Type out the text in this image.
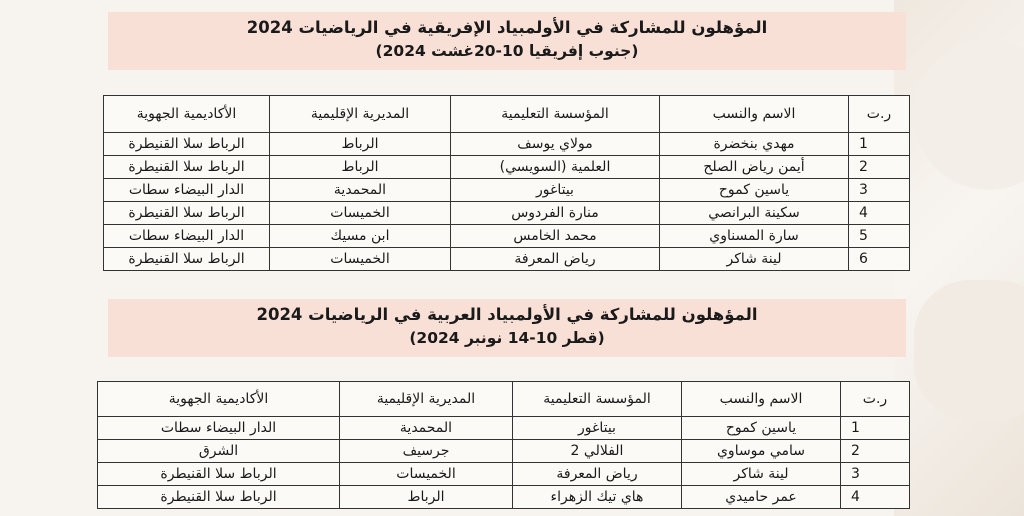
المؤهلون للمشاركة في الأولمبياد الإفريقية في الرياضيات 2024
(جنوب إفريقيا 10-20غشت 2024)
ر.ت	الاسم والنسب	المؤسسة التعليمية	المديرية الإقليمية	الأكاديمية الجهوية
1	مهدي بنخضرة	مولاي يوسف	الرباط	الرباط سلا القنيطرة
2	أيمن رياض الصلح	العلمية (السويسي)	الرباط	الرباط سلا القنيطرة
3	ياسين كموح	بيتاغور	المحمدية	الدار البيضاء سطات
4	سكينة البرانصي	منارة الفردوس	الخميسات	الرباط سلا القنيطرة
5	سارة المسناوي	محمد الخامس	ابن مسيك	الدار البيضاء سطات
6	لينة شاكر	رياض المعرفة	الخميسات	الرباط سلا القنيطرة
المؤهلون للمشاركة في الأولمبياد العربية في الرياضيات 2024
(قطر 10-14 نونبر 2024)
ر.ت	الاسم والنسب	المؤسسة التعليمية	المديرية الإقليمية	الأكاديمية الجهوية
1	ياسين كموح	بيتاغور	المحمدية	الدار البيضاء سطات
2	سامي موساوي	الفلالي 2	جرسيف	الشرق
3	لينة شاكر	رياض المعرفة	الخميسات	الرباط سلا القنيطرة
4	عمر حاميدي	هاي تيك الزهراء	الرباط	الرباط سلا القنيطرة
